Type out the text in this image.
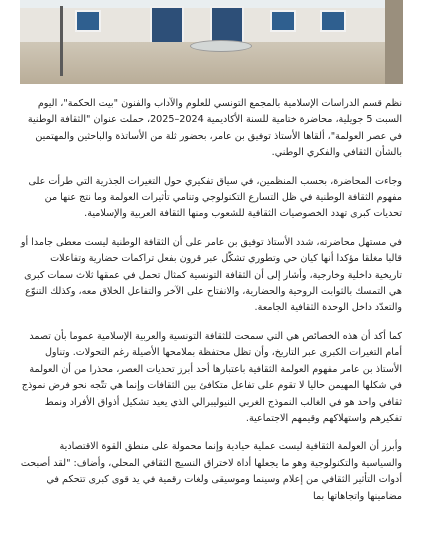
نظم قسم الدراسات الإسلامية بالمجمع التونسي للعلوم والآداب والفنون "بيت الحكمة"، اليوم السبت 5 جويلية، محاضرة ختامية للسنة الأكاديمية 2024–2025، حملت عنوان "الثقافة الوطنية في عصر العولمة"، ألقاها الأستاذ توفيق بن عامر، بحضور ثلة من الأساتذة والباحثين والمهتمين بالشأن الثقافي والفكري الوطني.

وجاءت المحاضرة، بحسب المنظمين، في سياق تفكيري حول التغيرات الجذرية التي طرأت على مفهوم الثقافة الوطنية في ظل التسارع التكنولوجي وتنامي تأثيرات العولمة وما نتج عنها من تحديات كبرى تهدد الخصوصيات الثقافية للشعوب ومنها الثقافة العربية والإسلامية.

في مستهل محاضرته، شدد الأستاذ توفيق بن عامر على أن الثقافة الوطنية ليست معطى جامدا أو قالبا مغلقا مؤكدا أنها كيان حي وتطوري تشكّل عبر قرون بفعل تراكمات حضارية وتفاعلات تاريخية داخلية وخارجية، وأشار إلى أن الثقافة التونسية كمثال تحمل في عمقها ثلاث سمات كبرى هي التمسك بالثوابت الروحية والحضارية، والانفتاح على الآخر والتفاعل الخلاق معه، وكذلك التنوّع والتعدّد داخل الوحدة الثقافية الجامعة.

كما أكد أن هذه الخصائص هي التي سمحت للثقافة التونسية والعربية الإسلامية عموما بأن تصمد أمام التغيرات الكبرى عبر التاريخ، وأن تظل محتفظة بملامحها الأصيلة رغم التحولات. وتناول الأستاذ بن عامر مفهوم العولمة الثقافية باعتبارها أحد أبرز تحديات العصر، محذرا من أن العولمة في شكلها المهيمن حاليا لا تقوم على تفاعل متكافئ بين الثقافات وإنما هي تتّجه نحو فرض نموذج ثقافي واحد هو في الغالب النموذج الغربي النيوليبرالي الذي يعيد تشكيل أذواق الأفراد ونمط تفكيرهم واستهلاكهم وقيمهم الاجتماعية.

وأبرز أن العولمة الثقافية ليست عملية حيادية وإنما محمولة على منطق القوة الاقتصادية والسياسية والتكنولوجية وهو ما يجعلها أداة لاختراق النسيج الثقافي المحلي، وأضاف: "لقد أصبحت أدوات التأثير الثقافي من إعلام وسينما وموسيقى ولغات رقمية في يد قوى كبرى تتحكم في مضامينها واتجاهاتها بما
